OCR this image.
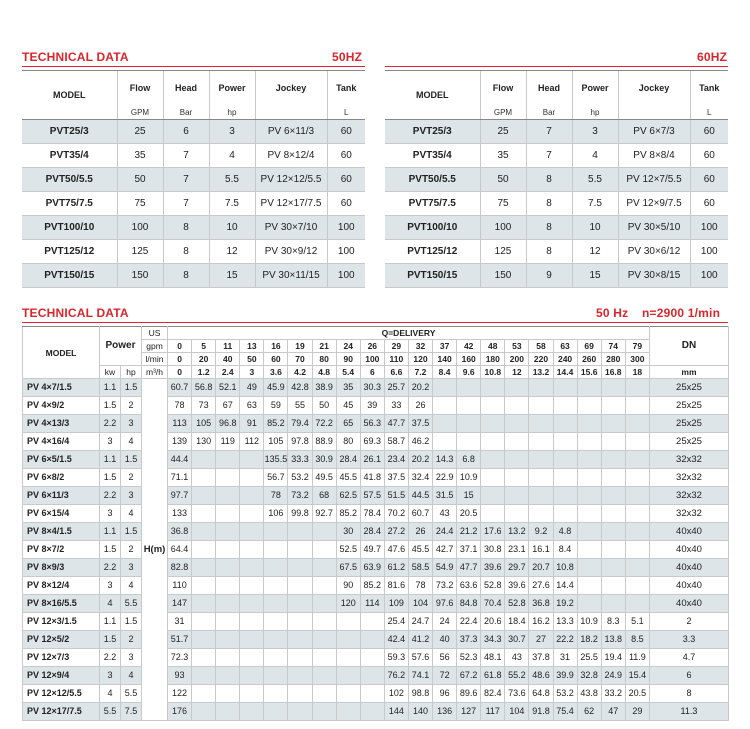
TECHNICAL DATA	50HZ	60HZ
MODEL	Flow	Head	Power	Jockey	Tank
	GPM	Bar	hp		L
PVT25/3	25	6	3	PV 6×11/3	60
PVT35/4	35	7	4	PV 8×12/4	60
PVT50/5.5	50	7	5.5	PV 12×12/5.5	60
PVT75/7.5	75	7	7.5	PV 12×17/7.5	60
PVT100/10	100	8	10	PV 30×7/10	100
PVT125/12	125	8	12	PV 30×9/12	100
PVT150/15	150	8	15	PV 30×11/15	100
MODEL	Flow	Head	Power	Jockey	Tank
	GPM	Bar	hp		L
PVT25/3	25	7	3	PV 6×7/3	60
PVT35/4	35	7	4	PV 8×8/4	60
PVT50/5.5	50	8	5.5	PV 12×7/5.5	60
PVT75/7.5	75	8	7.5	PV 12×9/7.5	60
PVT100/10	100	8	10	PV 30×5/10	100
PVT125/12	125	8	12	PV 30×6/12	100
PVT150/15	150	9	15	PV 30×8/15	100
TECHNICAL DATA	50 Hz n=2900 1/min
MODEL	Power		US	Q=DELIVERY																				DN	
			gpm	0	5	11	13	16	19	21	24	26	29	32	37	42	48	53	58	63	69	74	79		
			l/min	0	20	40	50	60	70	80	90	100	110	120	140	160	180	200	220	240	260	280	300		
	kw	hp	m³/h	0	1.2	2.4	3	3.6	4.2	4.8	5.4	6	6.6	7.2	8.4	9.6	10.8	12	13.2	14.4	15.6	16.8	18	mm	
PV 4×7/1.5	1.1	1.5	H(m)	60.7	56.8	52.1	49	45.9	42.8	38.9	35	30.3	25.7	20.2										25x25	
PV 4×9/2	1.5	2		78	73	67	63	59	55	50	45	39	33	26										25x25	
PV 4×13/3	2.2	3		113	105	96.8	91	85.2	79.4	72.2	65	56.3	47.7	37.5										25x25	
PV 4×16/4	3	4		139	130	119	112	105	97.8	88.9	80	69.3	58.7	46.2										25x25	
PV 6×5/1.5	1.1	1.5		44.4				135.5	33.3	30.9	28.4	26.1	23.4	20.2	14.3	6.8								32x32	
PV 6×8/2	1.5	2		71.1				56.7	53.2	49.5	45.5	41.8	37.5	32.4	22.9	10.9								32x32	
PV 6×11/3	2.2	3		97.7				78	73.2	68	62.5	57.5	51.5	44.5	31.5	15								32x32	
PV 6×15/4	3	4		133				106	99.8	92.7	85.2	78.4	70.2	60.7	43	20.5								32x32	
PV 8×4/1.5	1.1	1.5		36.8							30	28.4	27.2	26	24.4	21.2	17.6	13.2	9.2	4.8				40x40	
PV 8×7/2	1.5	2		64.4							52.5	49.7	47.6	45.5	42.7	37.1	30.8	23.1	16.1	8.4				40x40	
PV 8×9/3	2.2	3		82.8							67.5	63.9	61.2	58.5	54.9	47.7	39.6	29.7	20.7	10.8				40x40	
PV 8×12/4	3	4		110							90	85.2	81.6	78	73.2	63.6	52.8	39.6	27.6	14.4				40x40	
PV 8×16/5.5	4	5.5		147							120	114	109	104	97.6	84.8	70.4	52.8	36.8	19.2				40x40	
PV 12×3/1.5	1.1	1.5		31									25.4	24.7	24	22.4	20.6	18.4	16.2	13.3	10.9	8.3	5.1	2	
PV 12×5/2	1.5	2		51.7									42.4	41.2	40	37.3	34.3	30.7	27	22.2	18.2	13.8	8.5	3.3	
PV 12×7/3	2.2	3		72.3									59.3	57.6	56	52.3	48.1	43	37.8	31	25.5	19.4	11.9	4.7	
PV 12×9/4	3	4		93									76.2	74.1	72	67.2	61.8	55.2	48.6	39.9	32.8	24.9	15.4	6	
PV 12×12/5.5	4	5.5		122									102	98.8	96	89.6	82.4	73.6	64.8	53.2	43.8	33.2	20.5	8	
PV 12×17/7.5	5.5	7.5		176									144	140	136	127	117	104	91.8	75.4	62	47	29	11.3	
